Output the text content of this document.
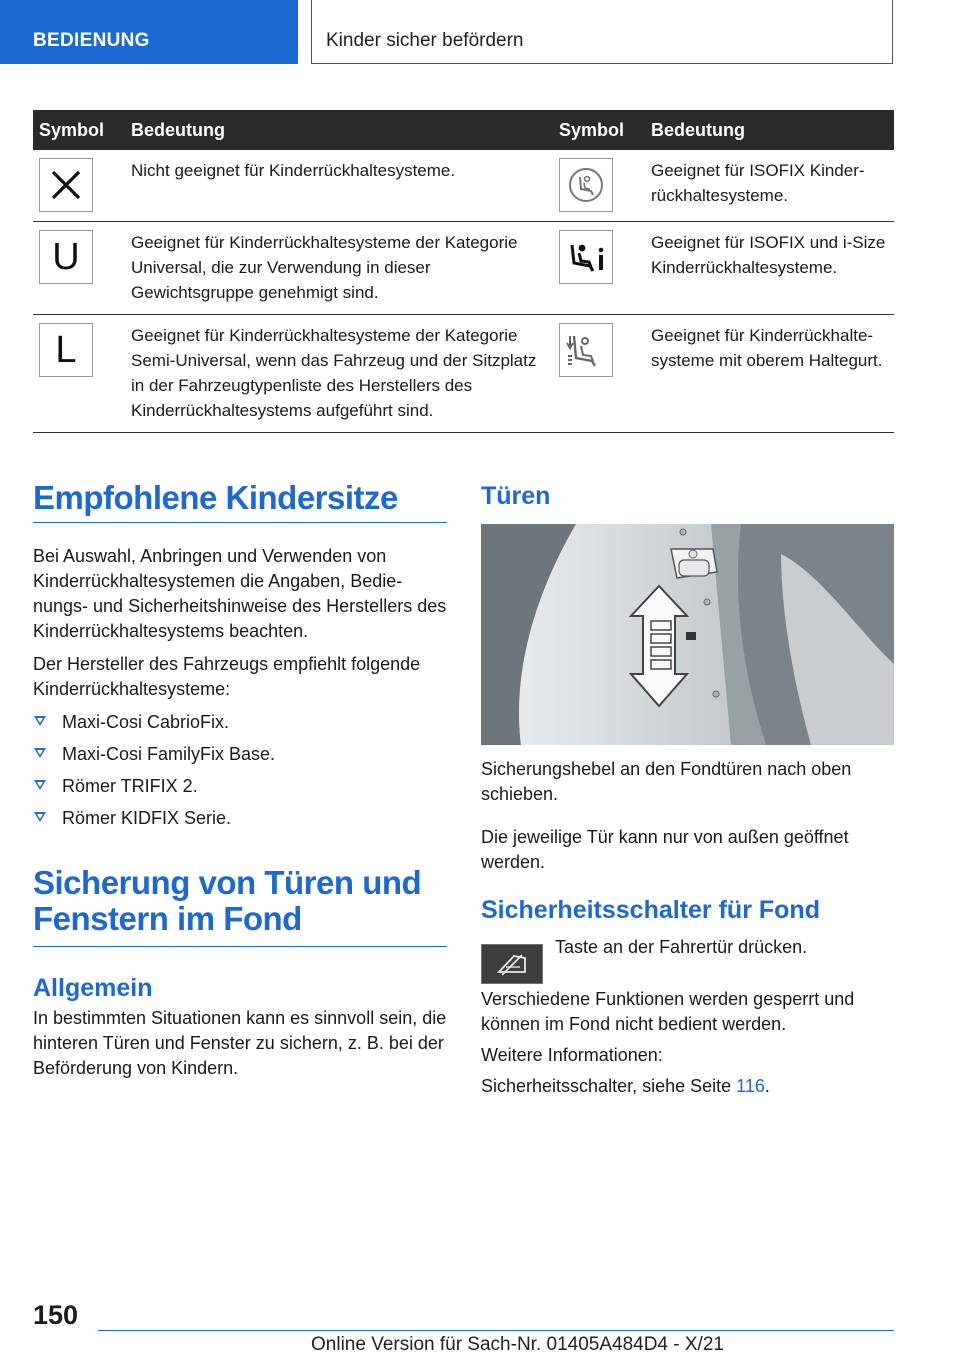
BEDIENUNG	Kinder sicher befördern
Symbol	Bedeutung	Symbol	Bedeutung

	Nicht geeignet für Kinderrückhaltesysteme.		Geeignet für ISOFIX Kinderrückhaltesysteme.

U	Geeignet für Kinderrückhaltesysteme der Kategorie Universal, die zur Verwendung in dieser Gewichtsgruppe genehmigt sind.		Geeignet für ISOFIX und i-Size Kinderrückhaltesysteme.

L	Geeignet für Kinderrückhaltesysteme der Kategorie Semi-Universal, wenn das Fahrzeug und der Sitzplatz in der Fahrzeugtypenliste des Herstellers des Kinderrückhaltesystems aufgeführt sind.		Geeignet für Kinderrückhaltesysteme mit oberem Haltegurt.
Empfohlene Kindersitze

Bei Auswahl, Anbringen und Verwenden von Kinderrückhaltesystemen die Angaben, Bedienungs- und Sicherheitshinweise des Herstellers des Kinderrückhaltesystems beachten.

Der Hersteller des Fahrzeugs empfiehlt folgende Kinderrückhaltesysteme:

Maxi-Cosi CabrioFix.
Maxi-Cosi FamilyFix Base.
Römer TRIFIX 2.
Römer KIDFIX Serie.
Sicherung von Türen und Fenstern im Fond
Allgemein

In bestimmten Situationen kann es sinnvoll sein, die hinteren Türen und Fenster zu sichern, z. B. bei der Beförderung von Kindern.

Türen

Sicherungshebel an den Fondtüren nach oben schieben.

Die jeweilige Tür kann nur von außen geöffnet werden.

Sicherheitsschalter für Fond

Taste an der Fahrertür drücken.

Verschiedene Funktionen werden gesperrt und können im Fond nicht bedient werden.

Weitere Informationen:

Sicherheitsschalter, siehe Seite 116.

150
Online Version für Sach-Nr. 01405A484D4 - X/21
